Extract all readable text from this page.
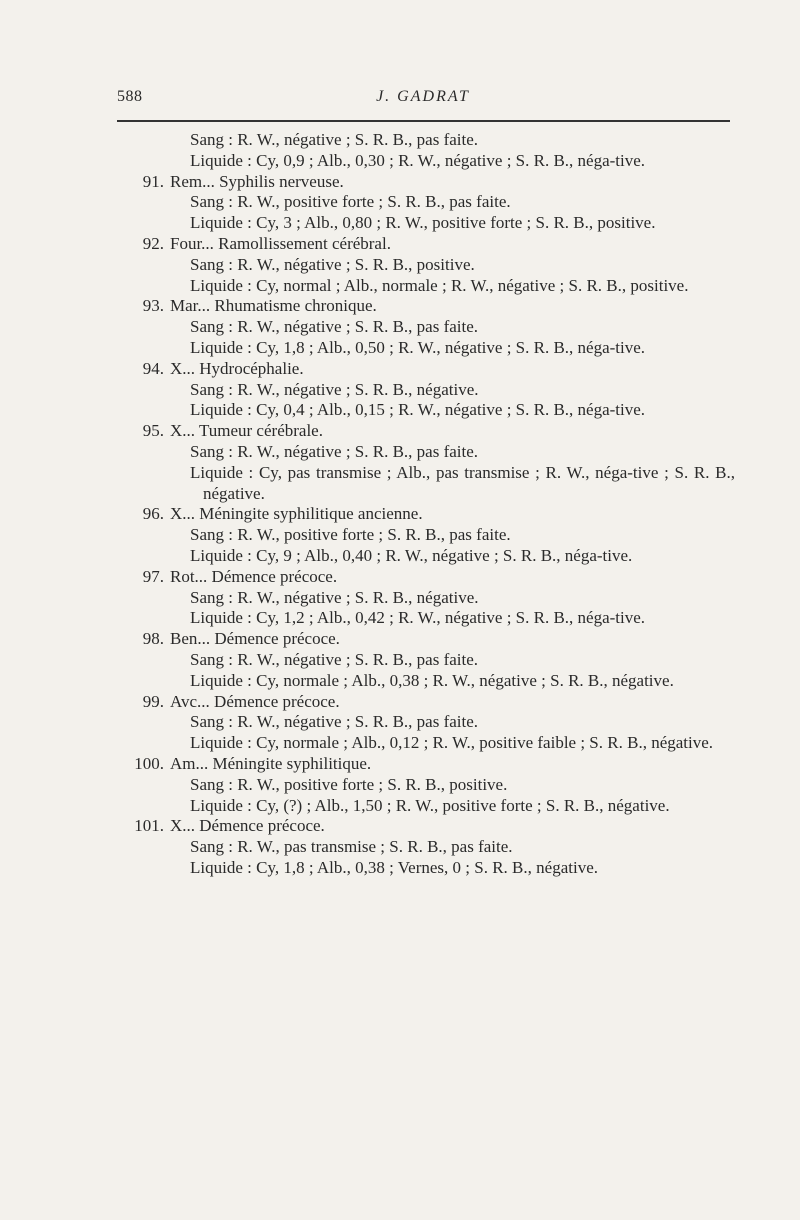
588	J. GADRAT

Sang : R. W., négative ; S. R. B., pas faite.

Liquide : Cy, 0,9 ; Alb., 0,30 ; R. W., négative ; S. R. B., néga-tive.

91. Rem... Syphilis nerveuse.

Sang : R. W., positive forte ; S. R. B., pas faite.

Liquide : Cy, 3 ; Alb., 0,80 ; R. W., positive forte ; S. R. B., positive.

92. Four... Ramollissement cérébral.

Sang : R. W., négative ; S. R. B., positive.

Liquide : Cy, normal ; Alb., normale ; R. W., négative ; S. R. B., positive.

93. Mar... Rhumatisme chronique.

Sang : R. W., négative ; S. R. B., pas faite.

Liquide : Cy, 1,8 ; Alb., 0,50 ; R. W., négative ; S. R. B., néga-tive.

94. X... Hydrocéphalie.

Sang : R. W., négative ; S. R. B., négative.

Liquide : Cy, 0,4 ; Alb., 0,15 ; R. W., négative ; S. R. B., néga-tive.

95. X... Tumeur cérébrale.

Sang : R. W., négative ; S. R. B., pas faite.

Liquide : Cy, pas transmise ; Alb., pas transmise ; R. W., néga-tive ; S. R. B., négative.

96. X... Méningite syphilitique ancienne.

Sang : R. W., positive forte ; S. R. B., pas faite.

Liquide : Cy, 9 ; Alb., 0,40 ; R. W., négative ; S. R. B., néga-tive.

97. Rot... Démence précoce.

Sang : R. W., négative ; S. R. B., négative.

Liquide : Cy, 1,2 ; Alb., 0,42 ; R. W., négative ; S. R. B., néga-tive.

98. Ben... Démence précoce.

Sang : R. W., négative ; S. R. B., pas faite.

Liquide : Cy, normale ; Alb., 0,38 ; R. W., négative ; S. R. B., négative.

99. Avc... Démence précoce.

Sang : R. W., négative ; S. R. B., pas faite.

Liquide : Cy, normale ; Alb., 0,12 ; R. W., positive faible ; S. R. B., négative.

100. Am... Méningite syphilitique.

Sang : R. W., positive forte ; S. R. B., positive.

Liquide : Cy, (?) ; Alb., 1,50 ; R. W., positive forte ; S. R. B., négative.

101. X... Démence précoce.

Sang : R. W., pas transmise ; S. R. B., pas faite.

Liquide : Cy, 1,8 ; Alb., 0,38 ; Vernes, 0 ; S. R. B., négative.
